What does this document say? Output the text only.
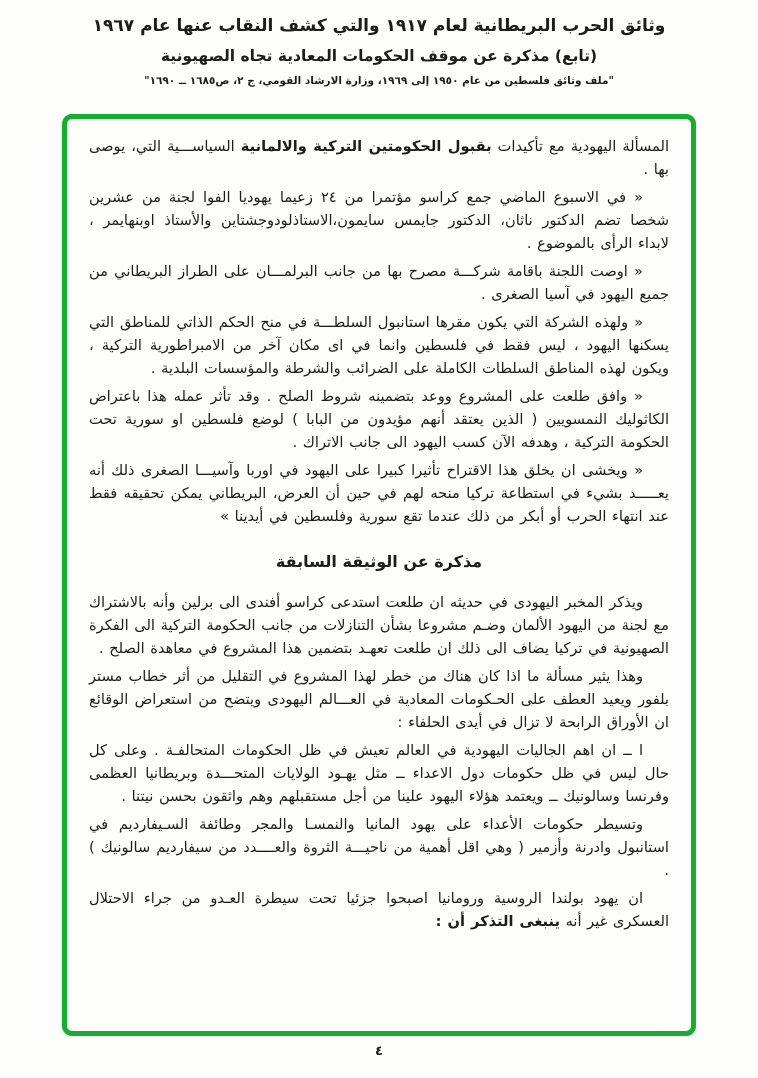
وثائق الحرب البريطانية لعام ١٩١٧ والتي كشف النقاب عنها عام ١٩٦٧
(تابع) مذكرة عن موقف الحكومات المعادية تجاه الصهيونية
"ملف وثائق فلسطين من عام ١٩٥٠ إلى ١٩٦٩، وزارة الارشاد القومي، ج ٢، ص١٦٨٥ ــ ١٦٩٠"
المسألة اليهودية مع تأكيدات بقبول الحكومتين التركية والالمانية السياســـية التي، يوصى بها .
« في الاسبوع الماضي جمع كراسو مؤتمرا من ٢٤ زعيما يهوديا الفوا لجنة من عشرين شخصا تضم الدكتور ناثان، الدكتور جايمس سايمون،الاستاذلودوجشتاين والأستاذ اوبنهايمر ، لابداء الرأى بالموضوع .
« اوصت اللجنة باقامة شركـــة مصرح بها من جانب البرلمـــان على الطراز البريطاني من جميع اليهود في آسيا الصغرى .
« ولهذه الشركة التي يكون مقرها استانبول السلطـــة في منح الحكم الذاتي للمناطق التي يسكنها اليهود ، ليس فقط في فلسطين وانما في اى مكان آخر من الامبراطورية التركية ، ويكون لهذه المناطق السلطات الكاملة على الضرائب والشرطة والمؤسسات البلدية .
« وافق طلعت على المشروع ووعد بتضمينه شروط الصلح . وقد تأثر عمله هذا باعتراض الكاثوليك النمسويين ( الذين يعتقد أنهم مؤيدون من البابا ) لوضع فلسطين او سورية تحت الحكومة التركية ، وهدفه الآن كسب اليهود الى جانب الاتراك .
« ويخشى ان يخلق هذا الاقتراح تأثيرا كبيرا على اليهود في اوربا وآسيـــا الصغرى ذلك أنه يعـــــد بشيء في استطاعة تركيا منحه لهم في حين أن العرض، البريطاني يمكن تحقيقه فقط عند انتهاء الحرب أو أبكر من ذلك عندما تقع سورية وفلسطين في أيدينا »
مذكرة عن الوثيقة السابقة
ويذكر المخبر اليهودى في حديثه ان طلعت استدعى كراسو أفندى الى برلين وأنه بالاشتراك مع لجنة من اليهود الألمان وضـم مشروعا بشأن التنازلات من جانب الحكومة التركية الى الفكرة الصهيونية في تركيا يضاف الى ذلك ان طلعت تعهـد بتضمين هذا المشروع في معاهدة الصلح .
وهذا يثير مسألة ما اذا كان هناك من خطر لهذا المشروع في التقليل من أثر خطاب مستر بلفور ويعيد العطف على الحـكومات المعادية في العـــالم اليهودى ويتضح من استعراض الوقائع ان الأوراق الرابحة لا تزال في أيدى الحلفاء :
ا ــ ان اهم الجاليات اليهودية في العالم تعيش في ظل الحكومات المتحالفـة . وعلى كل حال ليس في ظل حكومات دول الاعداء ــ مثل يهـود الولايات المتحـــدة وبريطانيا العظمى وفرنسا وسالونيك ــ ويعتمد هؤلاء اليهود علينا من أجل مستقبلهم وهم واثقون بحسن نيتنا .
وتسيطر حكومات الأعداء على يهود المانيا والنمسـا والمجر وطائفة السـيفارديم في استانبول وادرنة وأزمير ( وهي اقل أهمية من ناحيـــة الثروة والعــــدد من سيفارديم سالونيك ) .
ان يهود بولندا الروسية ورومانيا اصبحوا جزئيا تحت سيطرة العـدو من جراء الاحتلال العسكرى غير أنه ينبغى التذكر أن :
٤
